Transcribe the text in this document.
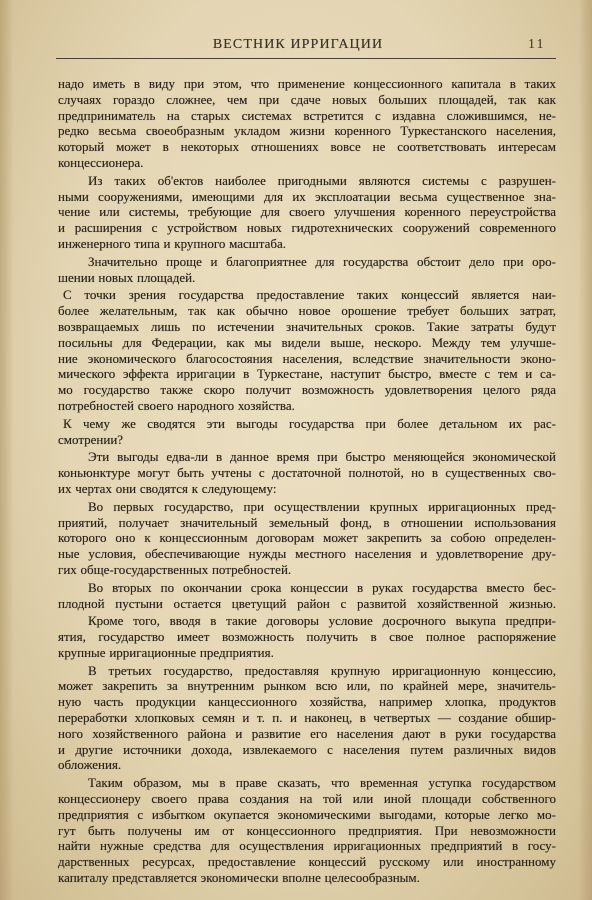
ВЕСТНИК ИРРИГАЦИИ	11
надо иметь в виду при этом, что применение концессионного капитала в таких
случаях гораздо сложнее, чем при сдаче новых больших площадей, так как
предприниматель на старых системах встретится с издавна сложившимся, не-
редко весьма своеобразным укладом жизни коренного Туркестанского населения,
который может в некоторых отношениях вовсе не соответствовать интересам
концессионера.
Из таких об'ектов наиболее пригодными являются системы с разрушен-
ными сооружениями, имеющими для их эксплоатации весьма существенное зна-
чение или системы, требующие для своего улучшения коренного переустройства
и расширения с устройством новых гидротехнических сооружений современного
инженерного типа и крупного масштаба.
Значительно проще и благоприятнее для государства обстоит дело при оро-
шении новых площадей.
С точки зрения государства предоставление таких концессий является наи-
более желательным, так как обычно новое орошение требует больших затрат,
возвращаемых лишь по истечении значительных сроков. Такие затраты будут
посильны для Федерации, как мы видели выше, нескоро. Между тем улучше-
ние экономического благосостояния населения, вследствие значительности эконо-
мического эффекта ирригации в Туркестане, наступит быстро, вместе с тем и са-
мо государство также скоро получит возможность удовлетворения целого ряда
потребностей своего народного хозяйства.
К чему же сводятся эти выгоды государства при более детальном их рас-
смотрении?
Эти выгоды едва-ли в данное время при быстро меняющейся экономической
коньюнктуре могут быть учтены с достаточной полнотой, но в существенных сво-
их чертах они сводятся к следующему:
Во первых государство, при осуществлении крупных ирригационных пред-
приятий, получает значительный земельный фонд, в отношении использования
которого оно к концессионным договорам может закрепить за собою определен-
ные условия, обеспечивающие нужды местного населения и удовлетворение дру-
гих обще-государственных потребностей.
Во вторых по окончании срока концессии в руках государства вместо бес-
плодной пустыни остается цветущий район с развитой хозяйственной жизнью.
Кроме того, вводя в такие договоры условие досрочного выкупа предпри-
ятия, государство имеет возможность получить в свое полное распоряжение
крупные ирригационные предприятия.
В третьих государство, предоставляя крупную ирригационную концессию,
может закрепить за внутренним рынком всю или, по крайней мере, значитель-
ную часть продукции канцессионного хозяйства, например хлопка, продуктов
переработки хлопковых семян и т. п. и наконец, в четвертых — создание обшир-
ного хозяйственного района и развитие его населения дают в руки государства
и другие источники дохода, извлекаемого с населения путем различных видов
обложения.
Таким образом, мы в праве сказать, что временная уступка государством
концессионеру своего права создания на той или иной площади собственного
предприятия с избытком окупается экономическими выгодами, которые легко мо-
гут быть получены им от концессионного предприятия. При невозможности
найти нужные средства для осуществления ирригационных предприятий в госу-
дарственных ресурсах, предоставление концессий русскому или иностранному
капиталу представляется экономически вполне целесообразным.
